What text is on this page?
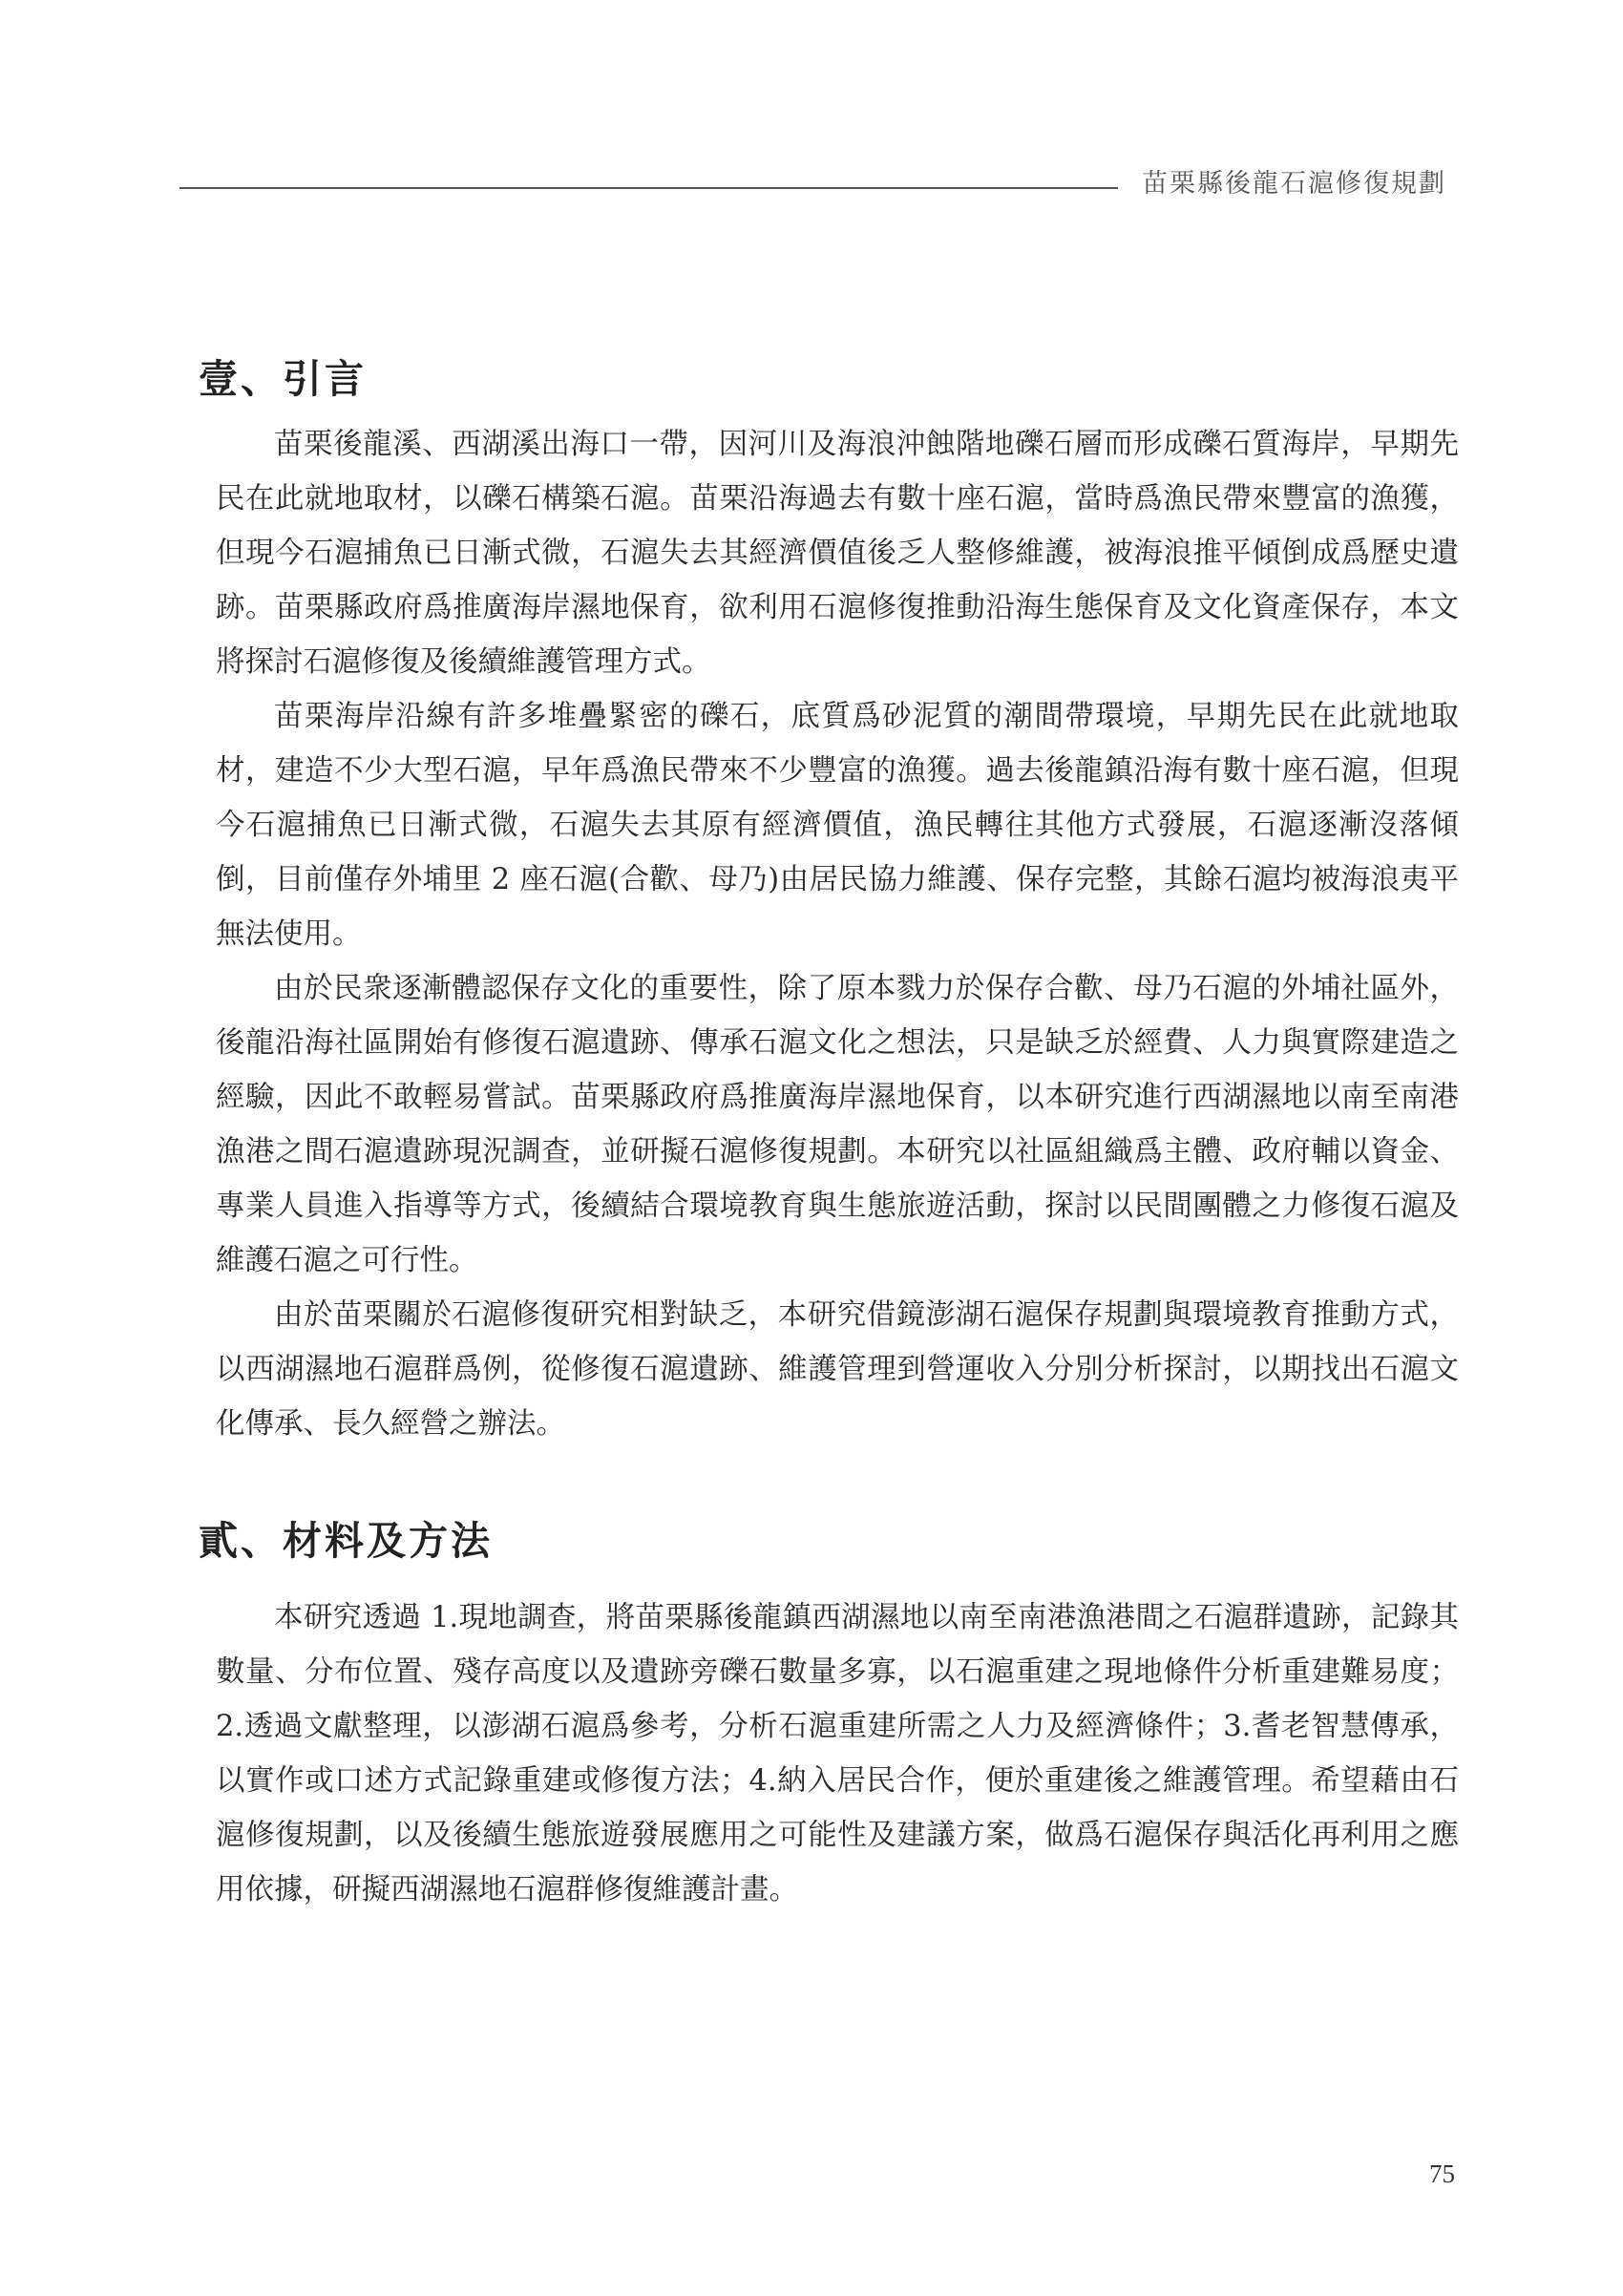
苗栗縣後龍石滬修復規劃
壹、引言

苗栗後龍溪、西湖溪出海口一帶，因河川及海浪沖蝕階地礫石層而形成礫石質海岸，早期先民在此就地取材，以礫石構築石滬。苗栗沿海過去有數十座石滬，當時爲漁民帶來豐富的漁獲，但現今石滬捕魚已日漸式微，石滬失去其經濟價值後乏人整修維護，被海浪推平傾倒成爲歷史遺跡。苗栗縣政府爲推廣海岸濕地保育，欲利用石滬修復推動沿海生態保育及文化資產保存，本文將探討石滬修復及後續維護管理方式。

苗栗海岸沿線有許多堆疊緊密的礫石，底質爲砂泥質的潮間帶環境，早期先民在此就地取材，建造不少大型石滬，早年爲漁民帶來不少豐富的漁獲。過去後龍鎮沿海有數十座石滬，但現今石滬捕魚已日漸式微，石滬失去其原有經濟價值，漁民轉往其他方式發展，石滬逐漸沒落傾倒，目前僅存外埔里 2 座石滬(合歡、母乃)由居民協力維護、保存完整，其餘石滬均被海浪夷平無法使用。

由於民衆逐漸體認保存文化的重要性，除了原本戮力於保存合歡、母乃石滬的外埔社區外，後龍沿海社區開始有修復石滬遺跡、傳承石滬文化之想法，只是缺乏於經費、人力與實際建造之經驗，因此不敢輕易嘗試。苗栗縣政府爲推廣海岸濕地保育，以本研究進行西湖濕地以南至南港漁港之間石滬遺跡現況調查，並研擬石滬修復規劃。本研究以社區組織爲主體、政府輔以資金、專業人員進入指導等方式，後續結合環境教育與生態旅遊活動，探討以民間團體之力修復石滬及維護石滬之可行性。

由於苗栗關於石滬修復研究相對缺乏，本研究借鏡澎湖石滬保存規劃與環境教育推動方式，以西湖濕地石滬群爲例，從修復石滬遺跡、維護管理到營運收入分別分析探討，以期找出石滬文化傳承、長久經營之辦法。

貳、材料及方法

本研究透過 1.現地調查，將苗栗縣後龍鎮西湖濕地以南至南港漁港間之石滬群遺跡，記錄其數量、分布位置、殘存高度以及遺跡旁礫石數量多寡，以石滬重建之現地條件分析重建難易度；2.透過文獻整理，以澎湖石滬爲參考，分析石滬重建所需之人力及經濟條件；3.耆老智慧傳承，以實作或口述方式記錄重建或修復方法；4.納入居民合作，便於重建後之維護管理。希望藉由石滬修復規劃，以及後續生態旅遊發展應用之可能性及建議方案，做爲石滬保存與活化再利用之應用依據，研擬西湖濕地石滬群修復維護計畫。

75
